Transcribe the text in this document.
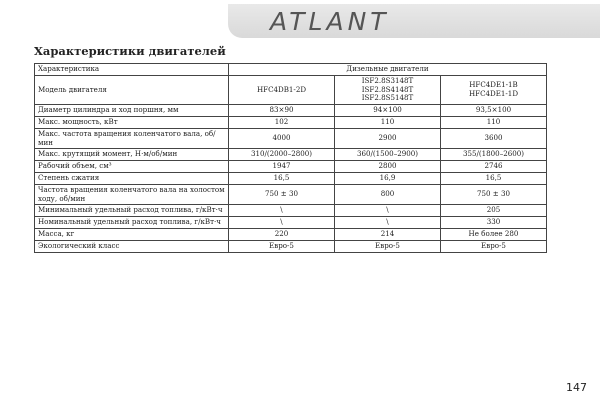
ATLANT
Характеристики двигателей
Характеристика	Дизельные двигатели		
Модель двигателя	HFC4DB1-2D	ISF2.8S3148T
ISF2.8S4148T
ISF2.8S5148T	HFC4DE1-1B
HFC4DE1-1D
Диаметр цилиндра и ход поршня, мм	83×90	94×100	93,5×100
Макс. мощность, кВт	102	110	110
Макс. частота вращения коленчатого вала, об/мин	4000	2900	3600
Макс. крутящий момент, Н·м/об/мин	310/(2000–2800)	360/(1500–2900)	355/(1800–2600)
Рабочий объем, см³	1947	2800	2746
Степень сжатия	16,5	16,9	16,5
Частота вращения коленчатого вала на холостом ходу, об/мин	750 ± 30	800	750 ± 30
Минимальный удельный расход топлива, г/кВт·ч	\	\	205
Номинальный удельный расход топлива, г/кВт·ч	\	\	330
Масса, кг	220	214	Не более 280
Экологический класс	Евро-5	Евро-5	Евро-5
147
